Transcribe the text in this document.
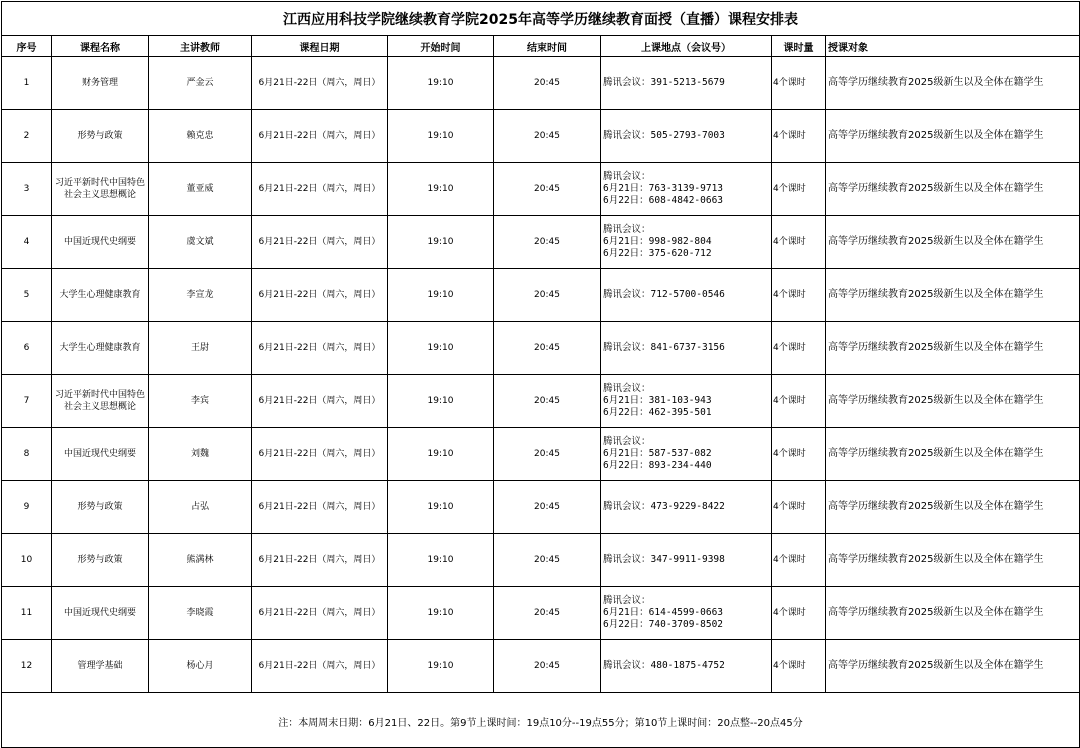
江西应用科技学院继续教育学院2025年高等学历继续教育面授（直播）课程安排表								
序号	课程名称	主讲教师	课程日期	开始时间	结束时间	上课地点（会议号）	课时量	授课对象
1	财务管理	严金云	6月21日-22日（周六，周日）	19:10	20:45	腾讯会议：391-5213-5679	4个课时	高等学历继续教育2025级新生以及全体在籍学生
2	形势与政策	赖克忠	6月21日-22日（周六，周日）	19:10	20:45	腾讯会议：505-2793-7003	4个课时	高等学历继续教育2025级新生以及全体在籍学生
3	习近平新时代中国特色
社会主义思想概论	董亚威	6月21日-22日（周六，周日）	19:10	20:45	腾讯会议：
6月21日：763-3139-9713
6月22日：608-4842-0663	4个课时	高等学历继续教育2025级新生以及全体在籍学生
4	中国近现代史纲要	虞文斌	6月21日-22日（周六，周日）	19:10	20:45	腾讯会议：
6月21日：998-982-804
6月22日：375-620-712	4个课时	高等学历继续教育2025级新生以及全体在籍学生
5	大学生心理健康教育	李宣龙	6月21日-22日（周六，周日）	19:10	20:45	腾讯会议：712-5700-0546	4个课时	高等学历继续教育2025级新生以及全体在籍学生
6	大学生心理健康教育	王尉	6月21日-22日（周六，周日）	19:10	20:45	腾讯会议：841-6737-3156	4个课时	高等学历继续教育2025级新生以及全体在籍学生
7	习近平新时代中国特色
社会主义思想概论	李宾	6月21日-22日（周六，周日）	19:10	20:45	腾讯会议：
6月21日：381-103-943
6月22日：462-395-501	4个课时	高等学历继续教育2025级新生以及全体在籍学生
8	中国近现代史纲要	刘魏	6月21日-22日（周六，周日）	19:10	20:45	腾讯会议：
6月21日：587-537-082
6月22日：893-234-440	4个课时	高等学历继续教育2025级新生以及全体在籍学生
9	形势与政策	占弘	6月21日-22日（周六，周日）	19:10	20:45	腾讯会议：473-9229-8422	4个课时	高等学历继续教育2025级新生以及全体在籍学生
10	形势与政策	熊满林	6月21日-22日（周六，周日）	19:10	20:45	腾讯会议：347-9911-9398	4个课时	高等学历继续教育2025级新生以及全体在籍学生
11	中国近现代史纲要	李晓霞	6月21日-22日（周六，周日）	19:10	20:45	腾讯会议：
6月21日：614-4599-0663
6月22日：740-3709-8502	4个课时	高等学历继续教育2025级新生以及全体在籍学生
12	管理学基础	杨心月	6月21日-22日（周六，周日）	19:10	20:45	腾讯会议：480-1875-4752	4个课时	高等学历继续教育2025级新生以及全体在籍学生
注：本周周末日期：6月21日、22日。第9节上课时间：19点10分--19点55分；第10节上课时间：20点整--20点45分								
